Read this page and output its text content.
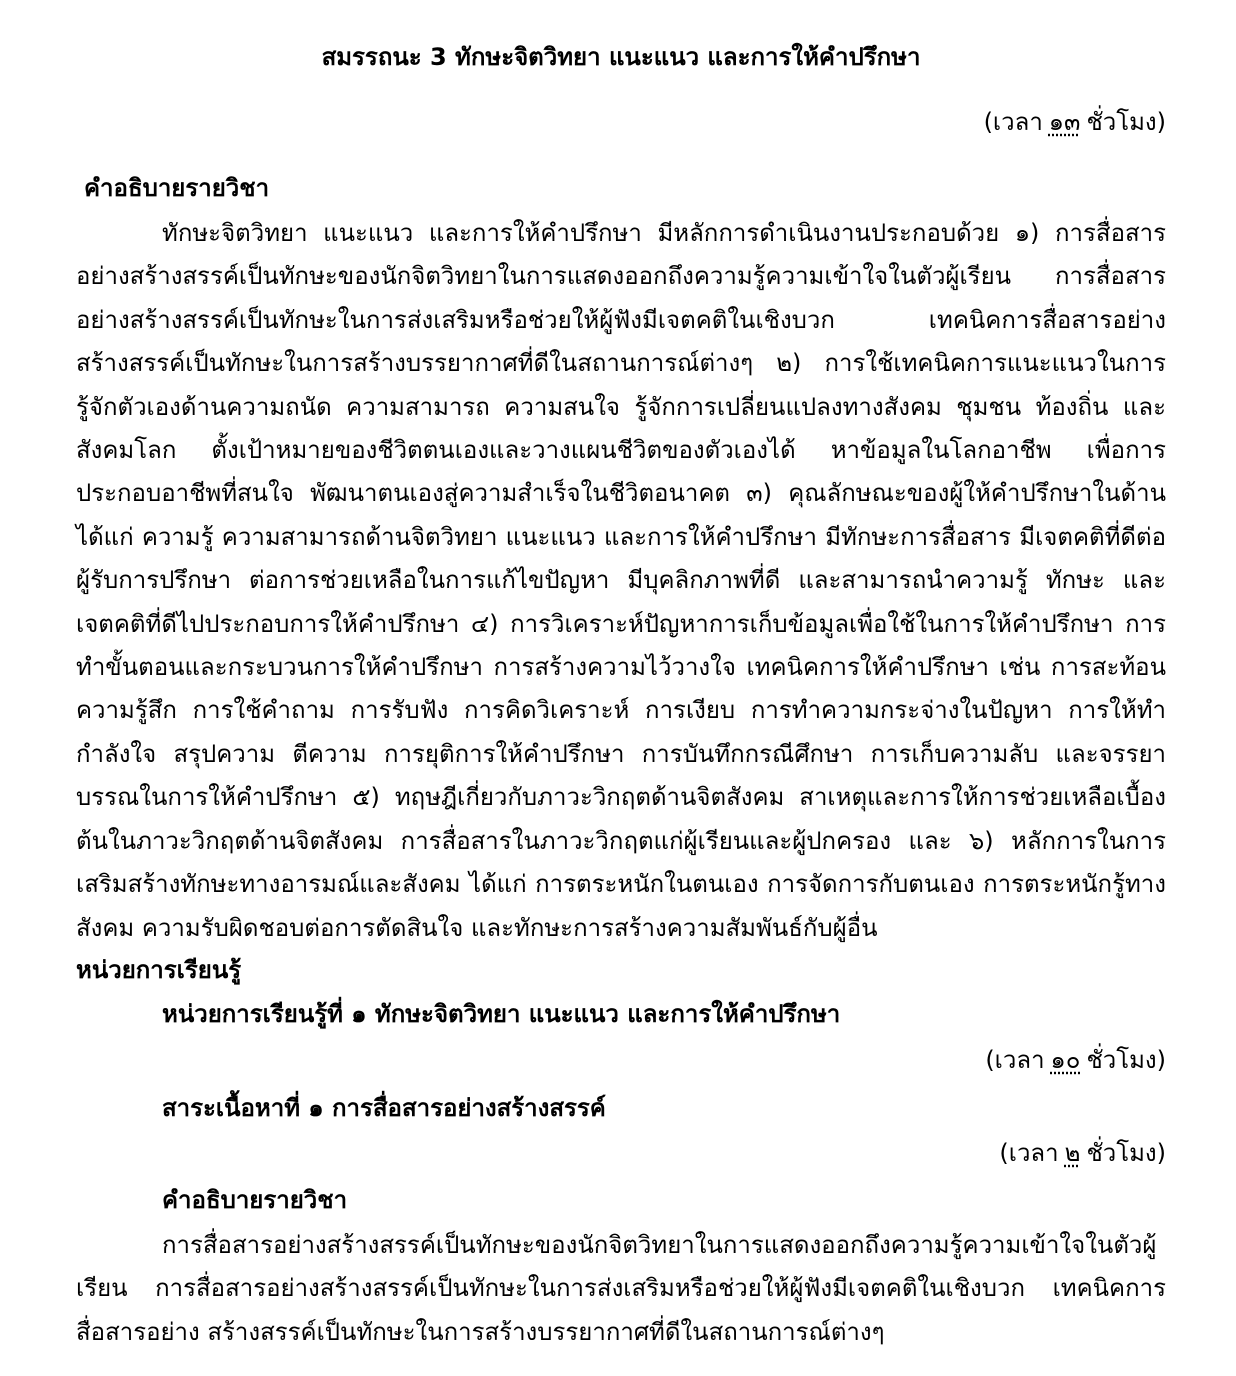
สมรรถนะ 3 ทักษะจิตวิทยา แนะแนว และการให้คำปรึกษา
(เวลา ๑๓ ชั่วโมง)
คำอธิบายรายวิชา

ทักษะจิตวิทยา แนะแนว และการให้คำปรึกษา มีหลักการดำเนินงานประกอบด้วย ๑) การสื่อสารอย่างสร้างสรรค์เป็นทักษะของนักจิตวิทยาในการแสดงออกถึงความรู้ความเข้าใจในตัวผู้เรียน การสื่อสารอย่างสร้างสรรค์เป็นทักษะในการส่งเสริมหรือช่วยให้ผู้ฟังมีเจตคติในเชิงบวก เทคนิคการสื่อสารอย่างสร้างสรรค์เป็นทักษะในการสร้างบรรยากาศที่ดีในสถานการณ์ต่างๆ ๒) การใช้เทคนิคการแนะแนวในการรู้จักตัวเองด้านความถนัด ความสามารถ ความสนใจ รู้จักการเปลี่ยนแปลงทางสังคม ชุมชน ท้องถิ่น และสังคมโลก ตั้งเป้าหมายของชีวิตตนเองและวางแผนชีวิตของตัวเองได้ หาข้อมูลในโลกอาชีพ เพื่อการประกอบอาชีพที่สนใจ พัฒนาตนเองสู่ความสำเร็จในชีวิตอนาคต ๓) คุณลักษณะของผู้ให้คำปรึกษาในด้านได้แก่ ความรู้ ความสามารถด้านจิตวิทยา แนะแนว และการให้คำปรึกษา มีทักษะการสื่อสาร มีเจตคติที่ดีต่อผู้รับการปรึกษา ต่อการช่วยเหลือในการแก้ไขปัญหา มีบุคลิกภาพที่ดี และสามารถนำความรู้ ทักษะ และเจตคติที่ดีไปประกอบการให้คำปรึกษา ๔) การวิเคราะห์ปัญหาการเก็บข้อมูลเพื่อใช้ในการให้คำปรึกษา การทำขั้นตอนและกระบวนการให้คำปรึกษา การสร้างความไว้วางใจ เทคนิคการให้คำปรึกษา เช่น การสะท้อนความรู้สึก การใช้คำถาม การรับฟัง การคิดวิเคราะห์ การเงียบ การทำความกระจ่างในปัญหา การให้ทำกำลังใจ สรุปความ ตีความ การยุติการให้คำปรึกษา การบันทึกกรณีศึกษา การเก็บความลับ และจรรยาบรรณในการให้คำปรึกษา ๕) ทฤษฎีเกี่ยวกับภาวะวิกฤตด้านจิตสังคม สาเหตุและการให้การช่วยเหลือเบื้องต้นในภาวะวิกฤตด้านจิตสังคม การสื่อสารในภาวะวิกฤตแก่ผู้เรียนและผู้ปกครอง และ ๖) หลักการในการเสริมสร้างทักษะทางอารมณ์และสังคม ได้แก่ การตระหนักในตนเอง การจัดการกับตนเอง การตระหนักรู้ทางสังคม ความรับผิดชอบต่อการตัดสินใจ และทักษะการสร้างความสัมพันธ์กับผู้อื่น

หน่วยการเรียนรู้
หน่วยการเรียนรู้ที่ ๑ ทักษะจิตวิทยา แนะแนว และการให้คำปรึกษา
(เวลา ๑๐ ชั่วโมง)
สาระเนื้อหาที่ ๑ การสื่อสารอย่างสร้างสรรค์
(เวลา ๒ ชั่วโมง)
คำอธิบายรายวิชา

การสื่อสารอย่างสร้างสรรค์เป็นทักษะของนักจิตวิทยาในการแสดงออกถึงความรู้ความเข้าใจในตัวผู้เรียน การสื่อสารอย่างสร้างสรรค์เป็นทักษะในการส่งเสริมหรือช่วยให้ผู้ฟังมีเจตคติในเชิงบวก เทคนิคการสื่อสารอย่าง สร้างสรรค์เป็นทักษะในการสร้างบรรยากาศที่ดีในสถานการณ์ต่างๆ
